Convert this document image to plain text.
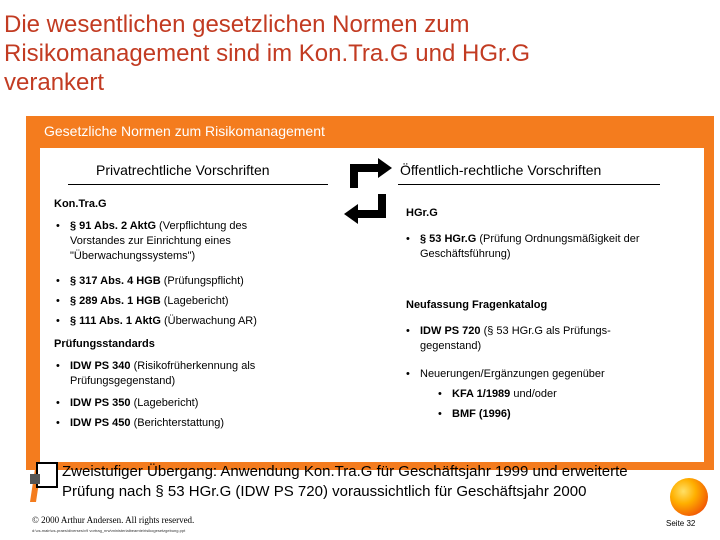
Die wesentlichen gesetzlichen Normen zum
Risikomanagement sind im Kon.Tra.G und HGr.G
verankert
Gesetzliche Normen zum Risikomanagement
Privatrechtliche Vorschriften	Öffentlich-rechtliche Vorschriften
Kon.Tra.G
• § 91 Abs. 2 AktG (Verpflichtung des
Vorstandes zur Einrichtung eines
"Überwachungssystems")
• § 317 Abs. 4 HGB (Prüfungspflicht)
• § 289 Abs. 1 HGB (Lagebericht)
• § 111 Abs. 1 AktG (Überwachung AR)
Prüfungsstandards
• IDW PS 340 (Risikofrüherkennung als
Prüfungsgegenstand)
• IDW PS 350 (Lagebericht)
• IDW PS 450 (Berichterstattung)
HGr.G
• § 53 HGr.G (Prüfung Ordnungsmäßigkeit der
Geschäftsführung)
Neufassung Fragenkatalog
• IDW PS 720 (§ 53 HGr.G als Prüfungs-
gegenstand)
• Neuerungen/Ergänzungen gegenüber
• KFA 1/1989 und/oder
• BMF (1996)
Zweistufiger Übergang: Anwendung Kon.Tra.G für Geschäftsjahr 1999 und erweiterte
Prüfung nach § 53 HGr.G (IDW PS 720) voraussichtlich für Geschäftsjahr 2000
© 2000 Arthur Andersen. All rights reserved.
d:\cs-main\cs-praes\diverses\v9 vortrag_nrw\ministerialbeamte\risikogesetzgebung.ppt
Seite 32
